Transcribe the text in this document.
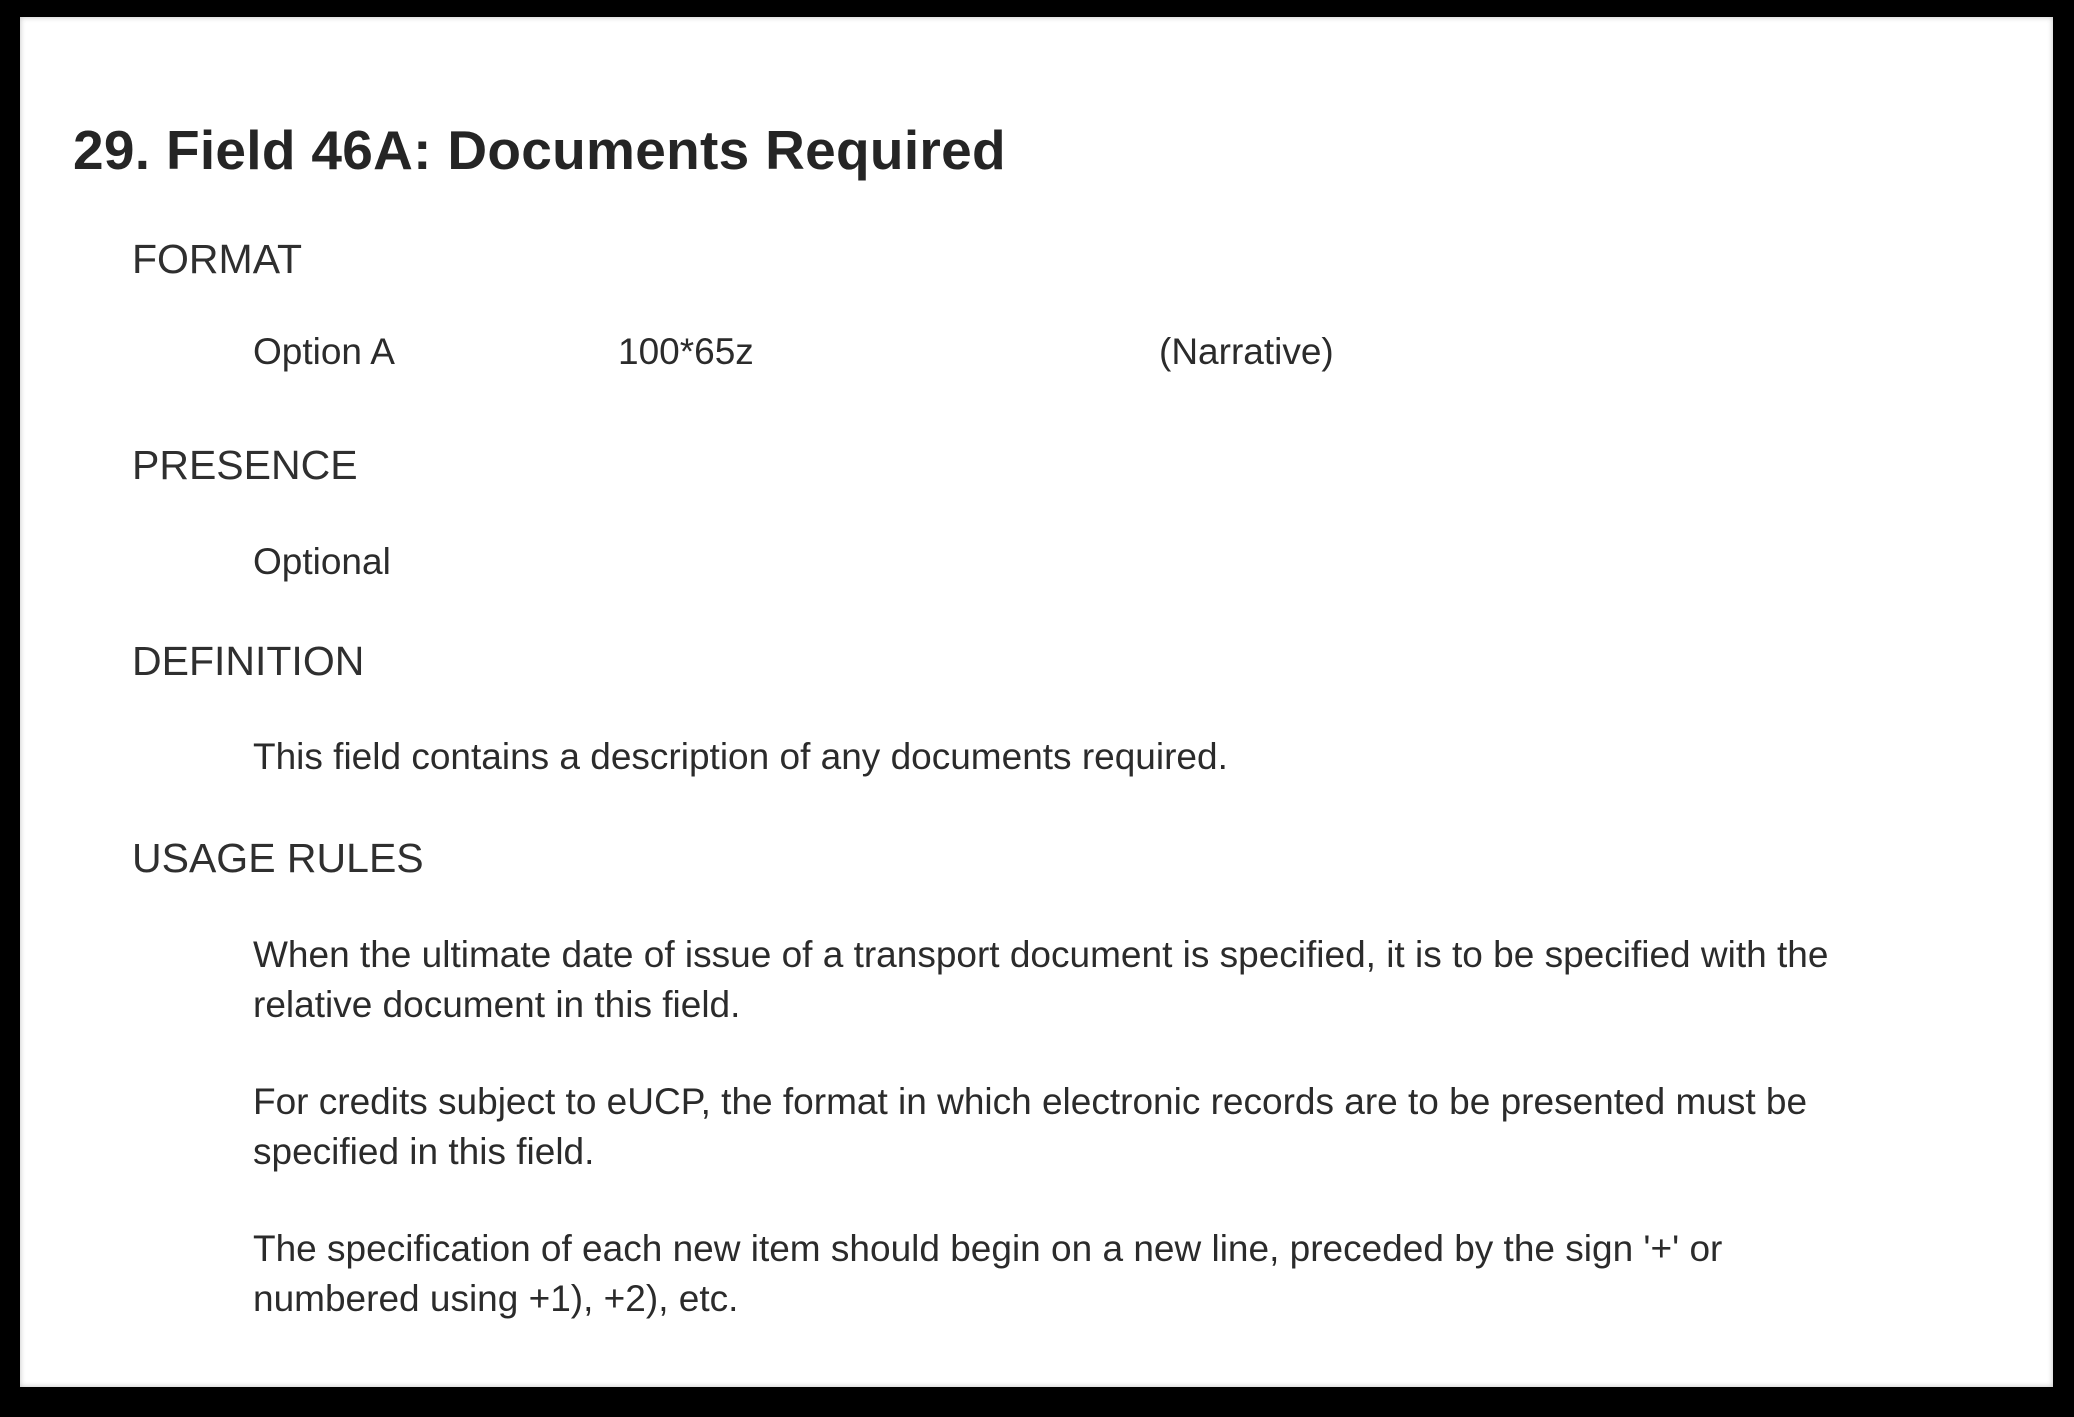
29. Field 46A: Documents Required
FORMAT
Option A	100*65z	(Narrative)
PRESENCE
Optional
DEFINITION
This field contains a description of any documents required.
USAGE RULES
When the ultimate date of issue of a transport document is specified, it is to be specified with the
relative document in this field.
For credits subject to eUCP, the format in which electronic records are to be presented must be
specified in this field.
The specification of each new item should begin on a new line, preceded by the sign '+' or
numbered using +1), +2), etc.
